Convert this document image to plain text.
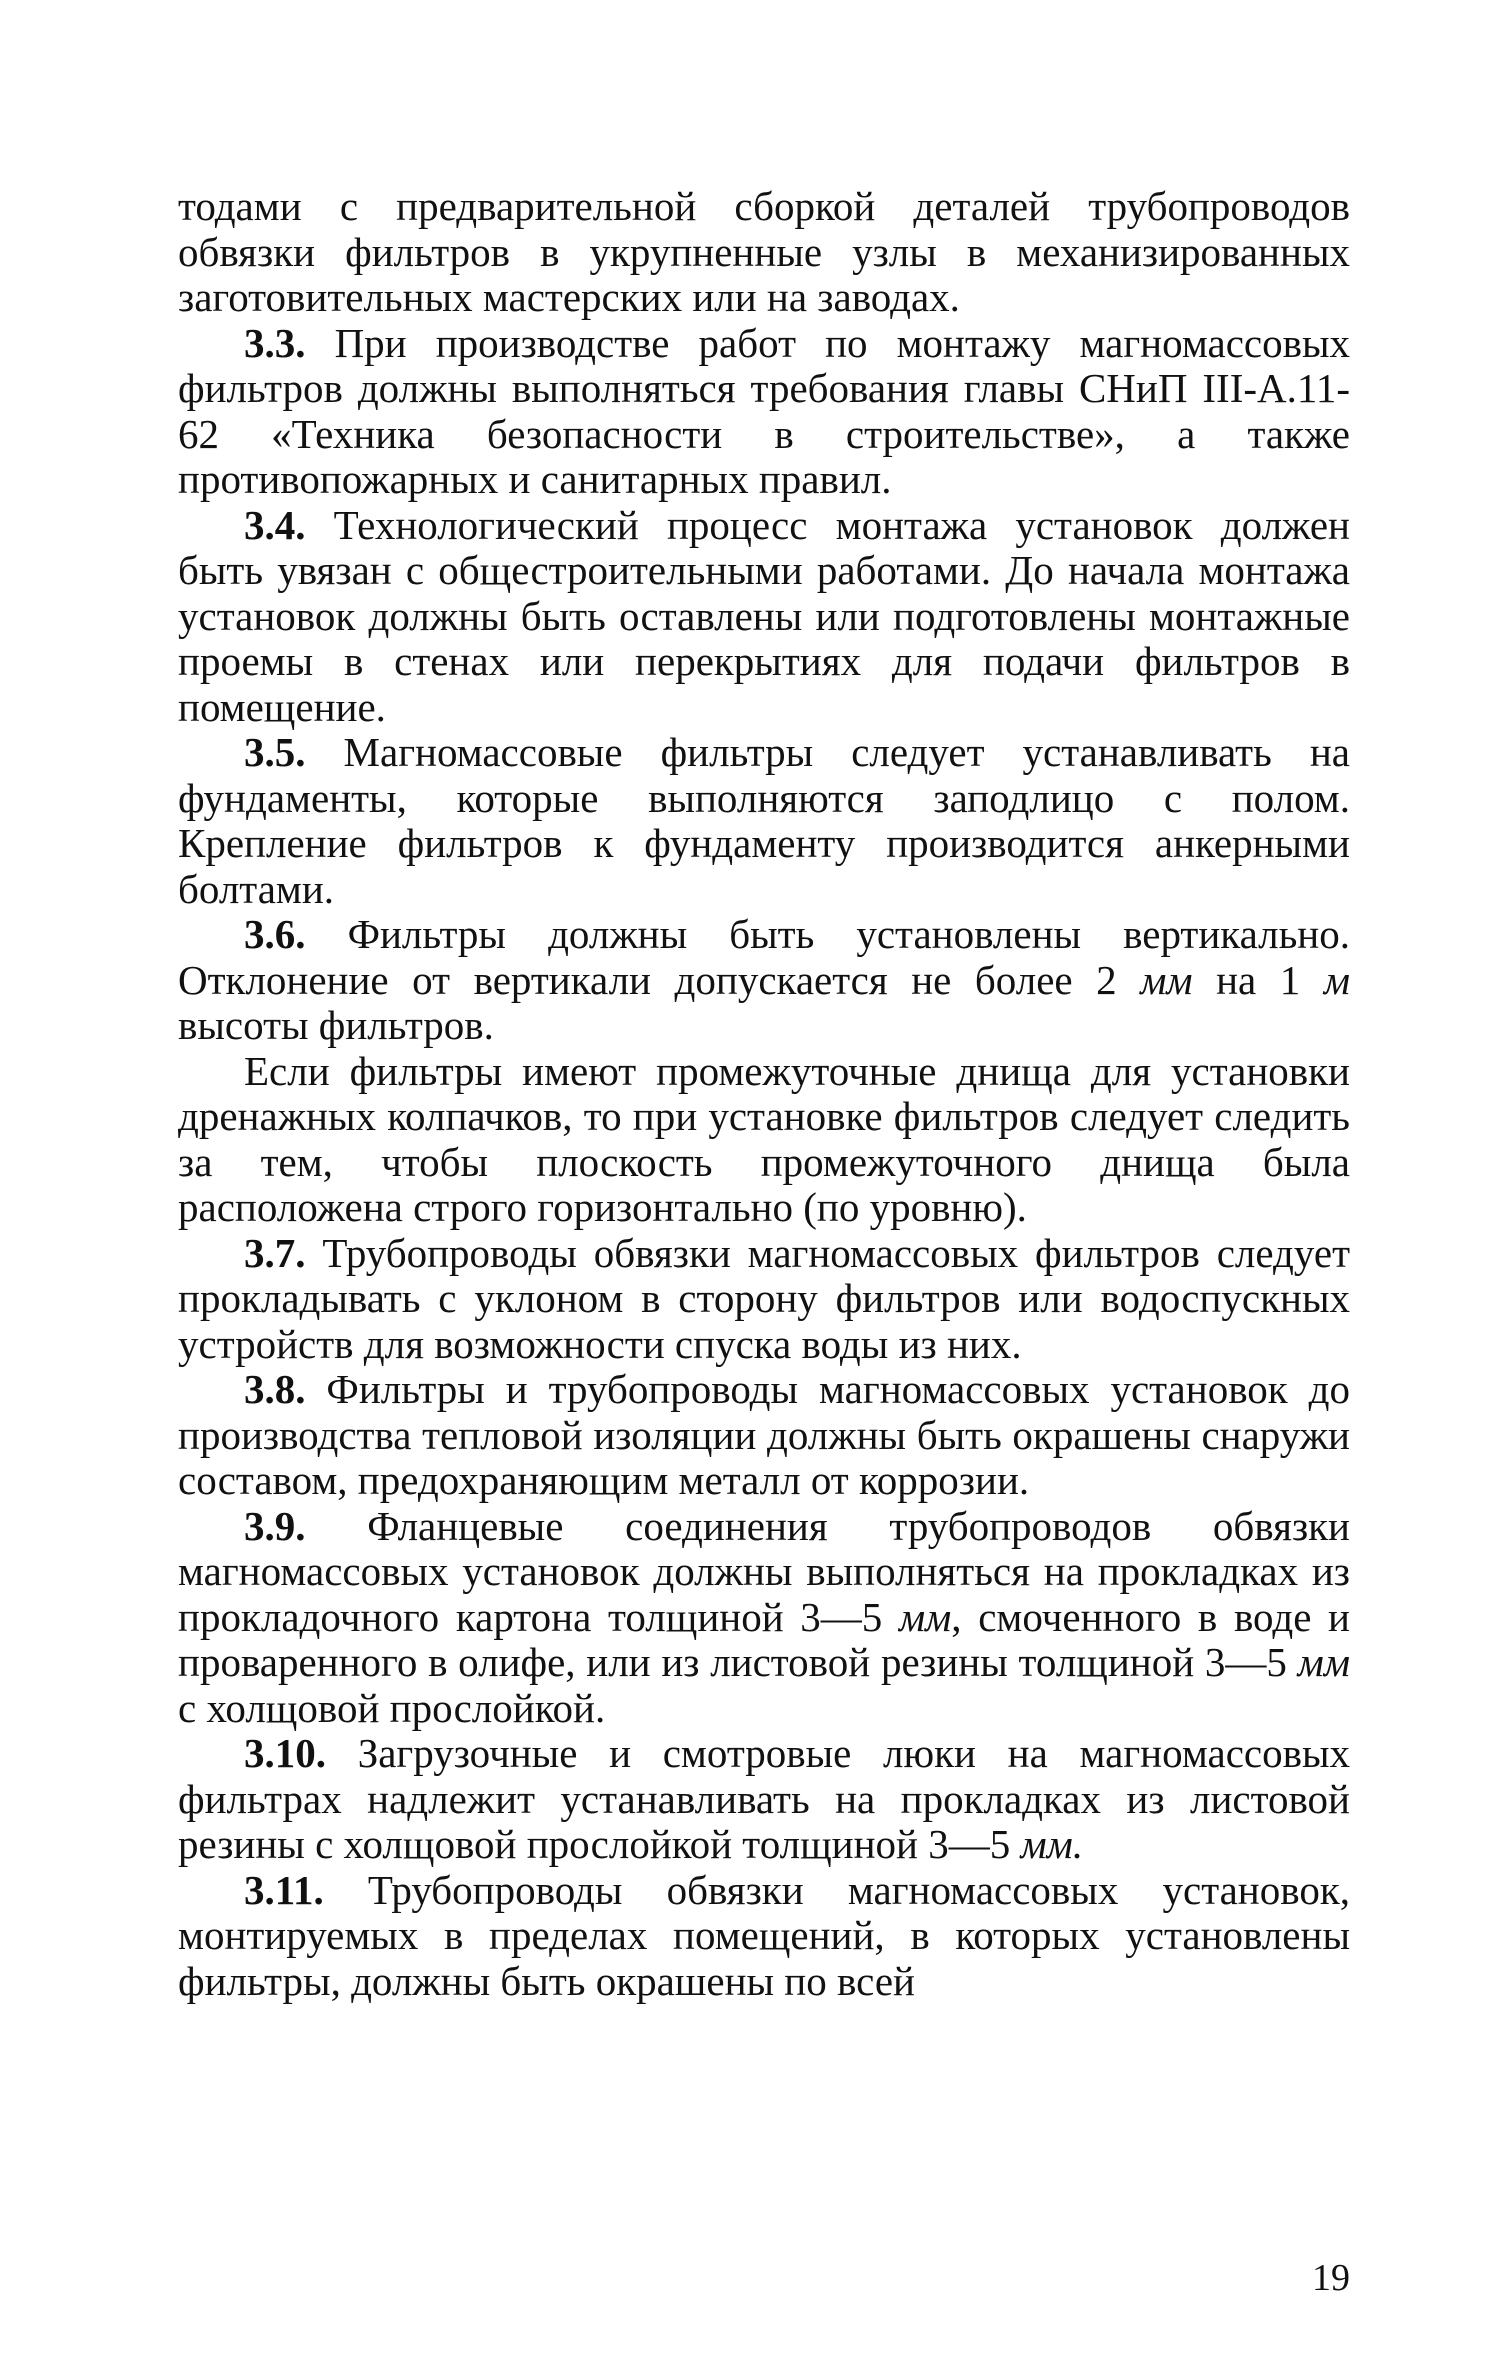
тодами с предварительной сборкой деталей трубопроводов обвязки фильтров в укрупненные узлы в механизированных заготовительных мастерских или на заводах.

3.3. При производстве работ по монтажу магномассовых фильтров должны выполняться требования главы СНиП III-А.11-62 «Техника безопасности в строительстве», а также противопожарных и санитарных правил.

3.4. Технологический процесс монтажа установок должен быть увязан с общестроительными работами. До начала монтажа установок должны быть оставлены или подготовлены монтажные проемы в стенах или перекрытиях для подачи фильтров в помещение.

3.5. Магномассовые фильтры следует устанавливать на фундаменты, которые выполняются заподлицо с полом. Крепление фильтров к фундаменту производится анкерными болтами.

3.6. Фильтры должны быть установлены вертикально. Отклонение от вертикали допускается не более 2 мм на 1 м высоты фильтров.

Если фильтры имеют промежуточные днища для установки дренажных колпачков, то при установке фильтров следует следить за тем, чтобы плоскость промежуточного днища была расположена строго горизонтально (по уровню).

3.7. Трубопроводы обвязки магномассовых фильтров следует прокладывать с уклоном в сторону фильтров или водоспускных устройств для возможности спуска воды из них.

3.8. Фильтры и трубопроводы магномассовых установок до производства тепловой изоляции должны быть окрашены снаружи составом, предохраняющим металл от коррозии.

3.9. Фланцевые соединения трубопроводов обвязки магномассовых установок должны выполняться на прокладках из прокладочного картона толщиной 3—5 мм, смоченного в воде и проваренного в олифе, или из листовой резины толщиной 3—5 мм с холщовой прослойкой.

3.10. Загрузочные и смотровые люки на магномассовых фильтрах надлежит устанавливать на прокладках из листовой резины с холщовой прослойкой толщиной 3—5 мм.

3.11. Трубопроводы обвязки магномассовых установок, монтируемых в пределах помещений, в которых установлены фильтры, должны быть окрашены по всей

19
